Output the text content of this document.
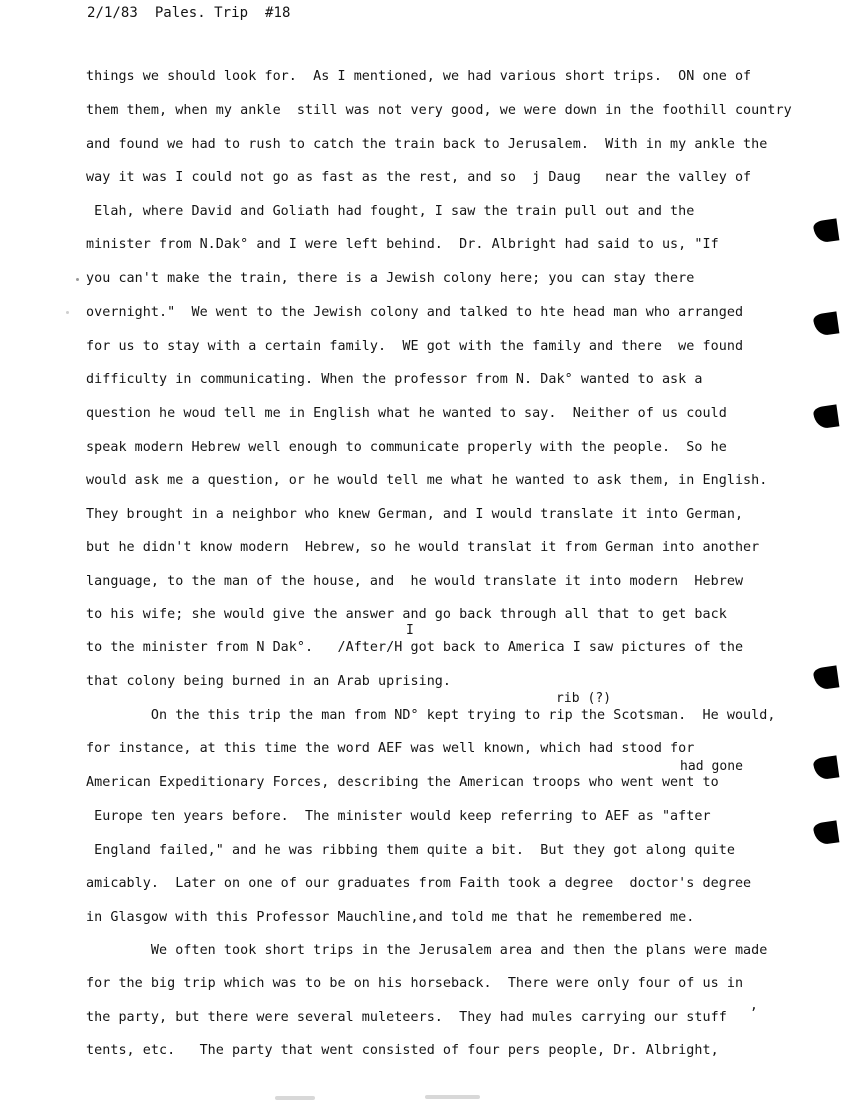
2/1/83  Pales. Trip  #18
things we should look for.  As I mentioned, we had various short trips.  ON one of
them them, when my ankle  still was not very good, we were down in the foothill country
and found we had to rush to catch the train back to Jerusalem.  With in my ankle the
way it was I could not go as fast as the rest, and so  j Daug   near the valley of
Elah, where David and Goliath had fought, I saw the train pull out and the
minister from N.Dak° and I were left behind.  Dr. Albright had said to us, "If
you can't make the train, there is a Jewish colony here; you can stay there
overnight."  We went to the Jewish colony and talked to hte head man who arranged
for us to stay with a certain family.  WE got with the family and there  we found
difficulty in communicating. When the professor from N. Dak° wanted to ask a
question he woud tell me in English what he wanted to say.  Neither of us could
speak modern Hebrew well enough to communicate properly with the people.  So he
would ask me a question, or he would tell me what he wanted to ask them, in English.
They brought in a neighbor who knew German, and I would translate it into German,
but he didn't know modern  Hebrew, so he would translat it from German into another
language, to the man of the house, and  he would translate it into modern  Hebrew
to his wife; she would give the answer and go back through all that to get back
I
to the minister from N Dak°.   /After/H got back to America I saw pictures of the
that colony being burned in an Arab uprising.
rib (?)
On the this trip the man from ND° kept trying to rip the Scotsman.  He would,
for instance, at this time the word AEF was well known, which had stood for
had gone
American Expeditionary Forces, describing the American troops who went went to
Europe ten years before.  The minister would keep referring to AEF as "after
England failed," and he was ribbing them quite a bit.  But they got along quite
amicably.  Later on one of our graduates from Faith took a degree  doctor's degree
in Glasgow with this Professor Mauchline,and told me that he remembered me.
We often took short trips in the Jerusalem area and then the plans were made
for the big trip which was to be on his horseback.  There were only four of us in
,
the party, but there were several muleteers.  They had mules carrying our stuff
tents, etc.   The party that went consisted of four pers people, Dr. Albright,
